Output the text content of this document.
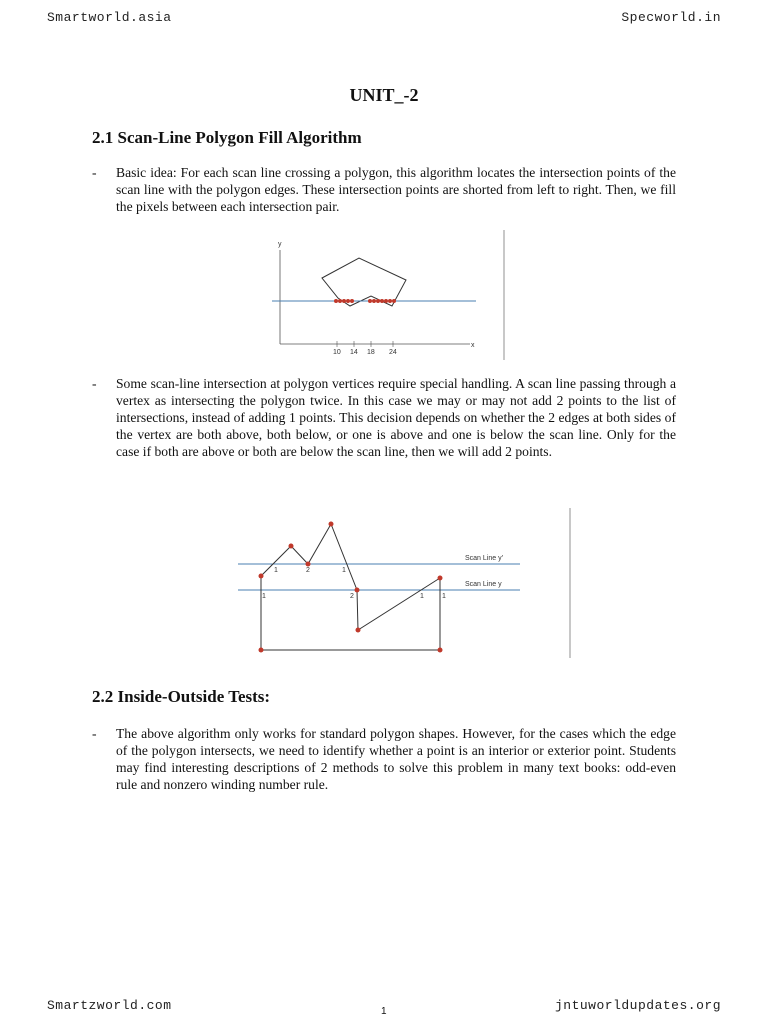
Smartworld.asia	Specworld.in
UNIT_-2
2.1 Scan-Line Polygon Fill Algorithm
- Basic idea: For each scan line crossing a polygon, this algorithm locates the intersection points of the scan line with the polygon edges. These intersection points are shorted from left to right. Then, we fill the pixels between each intersection pair.
y
x
10 14 18 24
- Some scan-line intersection at polygon vertices require special handling. A scan line passing through a vertex as intersecting the polygon twice. In this case we may or may not add 2 points to the list of intersections, instead of adding 1 points. This decision depends on whether the 2 edges at both sides of the vertex are both above, both below, or one is above and one is below the scan line. Only for the case if both are above or both are below the scan line, then we will add 2 points.
Scan Line y'
Scan Line y
1	2	1
1	2	1	1
2.2 Inside-Outside Tests:
- The above algorithm only works for standard polygon shapes. However, for the cases which the edge of the polygon intersects, we need to identify whether a point is an interior or exterior point. Students may find interesting descriptions of 2 methods to solve this problem in many text books: odd-even rule and nonzero winding number rule.
Smartzworld.com	1	jntuworldupdates.org
